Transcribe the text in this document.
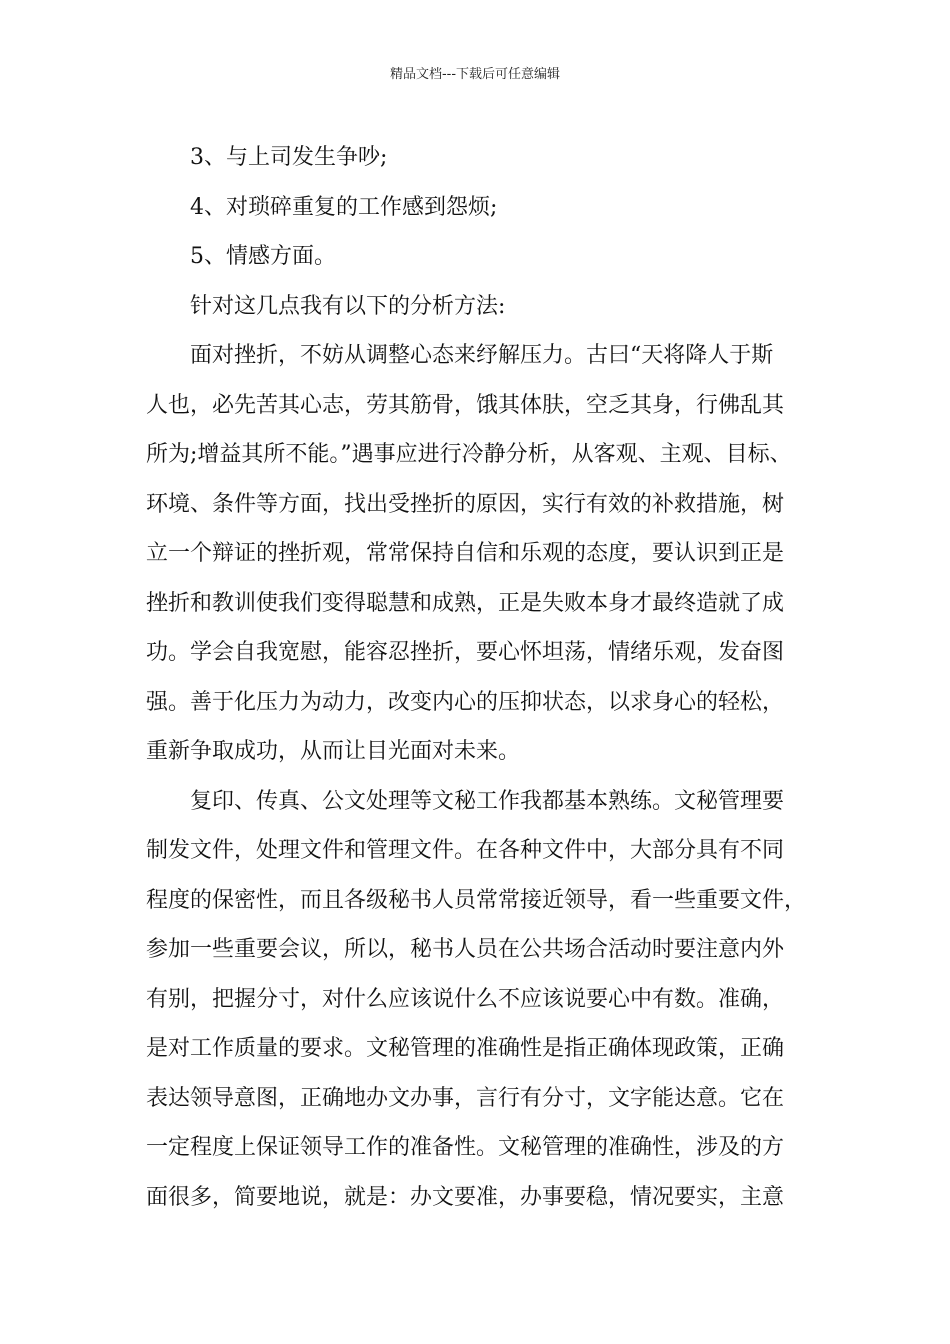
精品文档---下载后可任意编辑
3、与上司发生争吵;
4、对琐碎重复的工作感到怨烦;
5、情感方面。
针对这几点我有以下的分析方法:
面对挫折，不妨从调整心态来纾解压力。古曰“天将降人于斯
人也，必先苦其心志，劳其筋骨，饿其体肤，空乏其身，行佛乱其
所为;增益其所不能。”遇事应进行冷静分析，从客观、主观、目标、
环境、条件等方面，找出受挫折的原因，实行有效的补救措施，树
立一个辩证的挫折观，常常保持自信和乐观的态度，要认识到正是
挫折和教训使我们变得聪慧和成熟，正是失败本身才最终造就了成
功。学会自我宽慰，能容忍挫折，要心怀坦荡，情绪乐观，发奋图
强。善于化压力为动力，改变内心的压抑状态，以求身心的轻松，
重新争取成功，从而让目光面对未来。
复印、传真、公文处理等文秘工作我都基本熟练。文秘管理要
制发文件，处理文件和管理文件。在各种文件中，大部分具有不同
程度的保密性，而且各级秘书人员常常接近领导，看一些重要文件，
参加一些重要会议，所以，秘书人员在公共场合活动时要注意内外
有别，把握分寸，对什么应该说什么不应该说要心中有数。准确，
是对工作质量的要求。文秘管理的准确性是指正确体现政策，正确
表达领导意图，正确地办文办事，言行有分寸，文字能达意。它在
一定程度上保证领导工作的准备性。文秘管理的准确性，涉及的方
面很多，简要地说，就是：办文要准，办事要稳，情况要实，主意
